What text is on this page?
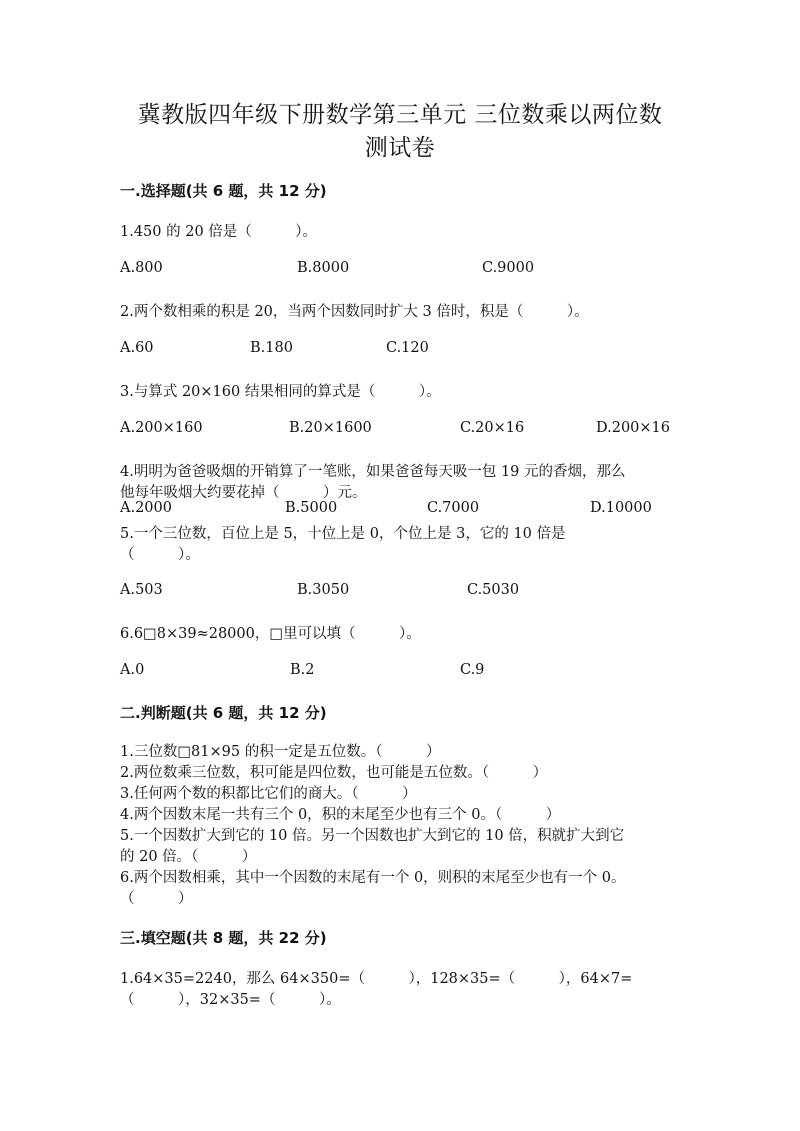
冀教版四年级下册数学第三单元 三位数乘以两位数
测试卷
一.选择题(共 6 题，共 12 分)
1.450 的 20 倍是（　　　）。
A.800	B.8000	C.9000
2.两个数相乘的积是 20，当两个因数同时扩大 3 倍时，积是（　　　）。
A.60	B.180	C.120
3.与算式 20×160 结果相同的算式是（　　　）。
A.200×160	B.20×1600	C.20×16	D.200×16
4.明明为爸爸吸烟的开销算了一笔账，如果爸爸每天吸一包 19 元的香烟，那么
他每年吸烟大约要花掉（　　　）元。
A.2000	B.5000	C.7000	D.10000
5.一个三位数，百位上是 5，十位上是 0，个位上是 3，它的 10 倍是
（　　　）。
A.503	B.3050	C.5030
6.6□8×39≈28000，□里可以填（　　　）。
A.0	B.2	C.9
二.判断题(共 6 题，共 12 分)
1.三位数□81×95 的积一定是五位数。（　　　）
2.两位数乘三位数，积可能是四位数，也可能是五位数。（　　　）
3.任何两个数的积都比它们的商大。（　　　）
4.两个因数末尾一共有三个 0，积的末尾至少也有三个 0。（　　　）
5.一个因数扩大到它的 10 倍。另一个因数也扩大到它的 10 倍，积就扩大到它
的 20 倍。（　　　）
6.两个因数相乘，其中一个因数的末尾有一个 0，则积的末尾至少也有一个 0。
（　　　）
三.填空题(共 8 题，共 22 分)
1.64×35=2240，那么 64×350=（　　　），128×35=（　　　），64×7=
（　　　），32×35=（　　　）。
